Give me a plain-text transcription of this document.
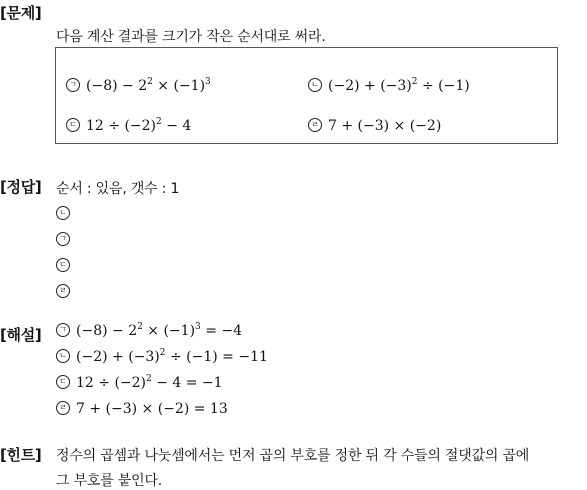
[문제]
다음 계산 결과를 크기가 작은 순서대로 써라.
ㄱ $(-8) - 2^2 \times (-1)^3$	ㄴ $(-2) + (-3)^2 \div (-1)$
ㄷ $12 \div (-2)^2 - 4$	ㄹ 7 + (−3) × (−2)
[정답] 순서 : 있음, 갯수 : 1
ㄴ
ㄱ
ㄷ
ㄹ
[해설]	ㄱ $(-8) - 2^2 \times (-1)^3 = -4$
ㄴ $(-2) + (-3)^2 \div (-1) = -11$
ㄷ $12 \div (-2)^2 - 4 = -1$
ㄹ 7 + (−3) × (−2) = 13
[힌트] 정수의 곱셈과 나눗셈에서는 먼저 곱의 부호를 정한 뒤 각 수들의 절댓값의 곱에
그 부호를 붙인다.
